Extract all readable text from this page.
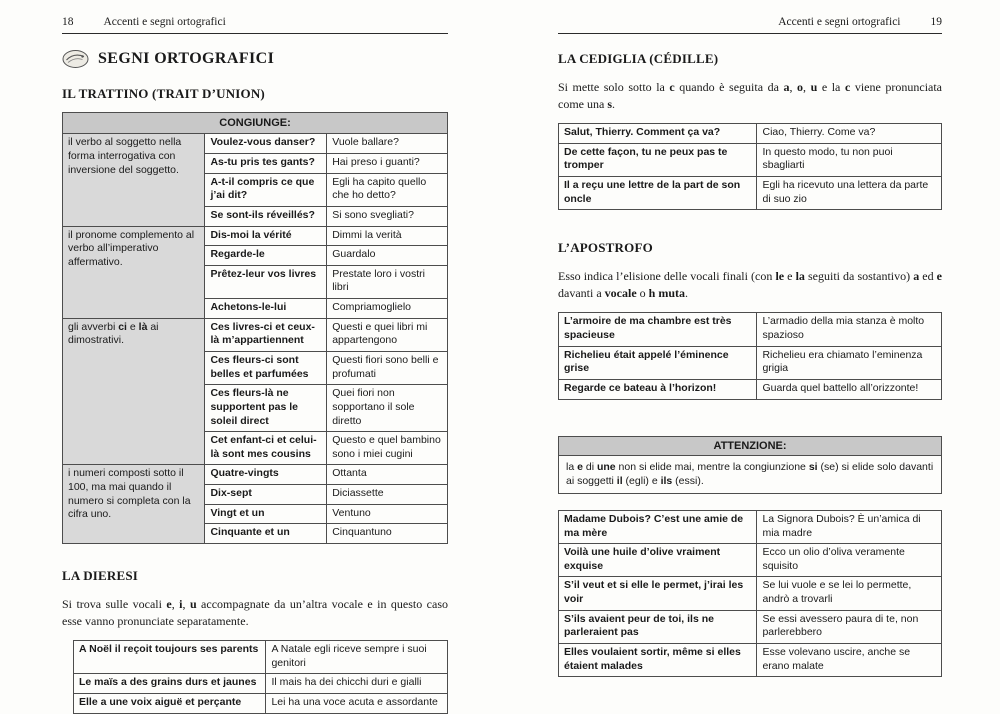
18	Accenti e segni ortografici
SEGNI ORTOGRAFICI
IL TRATTINO (TRAIT D’UNION)
CONGIUNGE:		
il verbo al soggetto nella forma interrogativa con inversione del soggetto.	Voulez-vous danser?	Vuole ballare?
	As-tu pris tes gants?	Hai preso i guanti?
	A-t-il compris ce que j’ai dit?	Egli ha capito quello che ho detto?
	Se sont-ils réveillés?	Si sono svegliati?
il pronome complemento al verbo all’imperativo affermativo.	Dis-moi la vérité	Dimmi la verità
	Regarde-le	Guardalo
	Prêtez-leur vos livres	Prestate loro i vostri libri
	Achetons-le-lui	Compriamoglielo
gli avverbi ci e là ai dimostrativi.	Ces livres-ci et ceux-là m’appartiennent	Questi e quei libri mi appartengono
	Ces fleurs-ci sont belles et parfumées	Questi fiori sono belli e profumati
	Ces fleurs-là ne supportent pas le soleil direct	Quei fiori non sopportano il sole diretto
	Cet enfant-ci et celui-là sont mes cousins	Questo e quel bambino sono i miei cugini
i numeri composti sotto il 100, ma mai quando il numero si completa con la cifra uno.	Quatre-vingts	Ottanta
	Dix-sept	Diciassette
	Vingt et un	Ventuno
	Cinquante et un	Cinquantuno
LA DIERESI

Si trova sulle vocali e, i, u accompagnate da un’altra vocale e in questo caso esse vanno pronunciate separatamente.

A Noël il reçoit toujours ses parents	A Natale egli riceve sempre i suoi genitori
Le maïs a des grains durs et jaunes	Il mais ha dei chicchi duri e gialli
Elle a une voix aiguë et perçante	Lei ha una voce acuta e assordante
Accenti e segni ortografici	19
LA CEDIGLIA (CÉDILLE)

Si mette solo sotto la c quando è seguita da a, o, u e la c viene pronunciata come una s.

Salut, Thierry. Comment ça va?	Ciao, Thierry. Come va?
De cette façon, tu ne peux pas te tromper	In questo modo, tu non puoi sbagliarti
Il a reçu une lettre de la part de son oncle	Egli ha ricevuto una lettera da parte di suo zio
L’APOSTROFO

Esso indica l’elisione delle vocali finali (con le e la seguiti da sostantivo) a ed e davanti a vocale o h muta.

L’armoire de ma chambre est très spacieuse	L’armadio della mia stanza è molto spazioso
Richelieu était appelé l’éminence grise	Richelieu era chiamato l’eminenza grigia
Regarde ce bateau à l’horizon!	Guarda quel battello all’orizzonte!
ATTENZIONE:
la e di une non si elide mai, mentre la congiunzione si (se) si elide solo davanti ai soggetti il (egli) e ils (essi).
Madame Dubois? C’est une amie de ma mère	La Signora Dubois? È un’amica di mia madre
Voilà une huile d’olive vraiment exquise	Ecco un olio d’oliva veramente squisito
S’il veut et si elle le permet, j’irai les voir	Se lui vuole e se lei lo permette, andrò a trovarli
S’ils avaient peur de toi, ils ne parleraient pas	Se essi avessero paura di te, non parlerebbero
Elles voulaient sortir, même si elles étaient malades	Esse volevano uscire, anche se erano malate
